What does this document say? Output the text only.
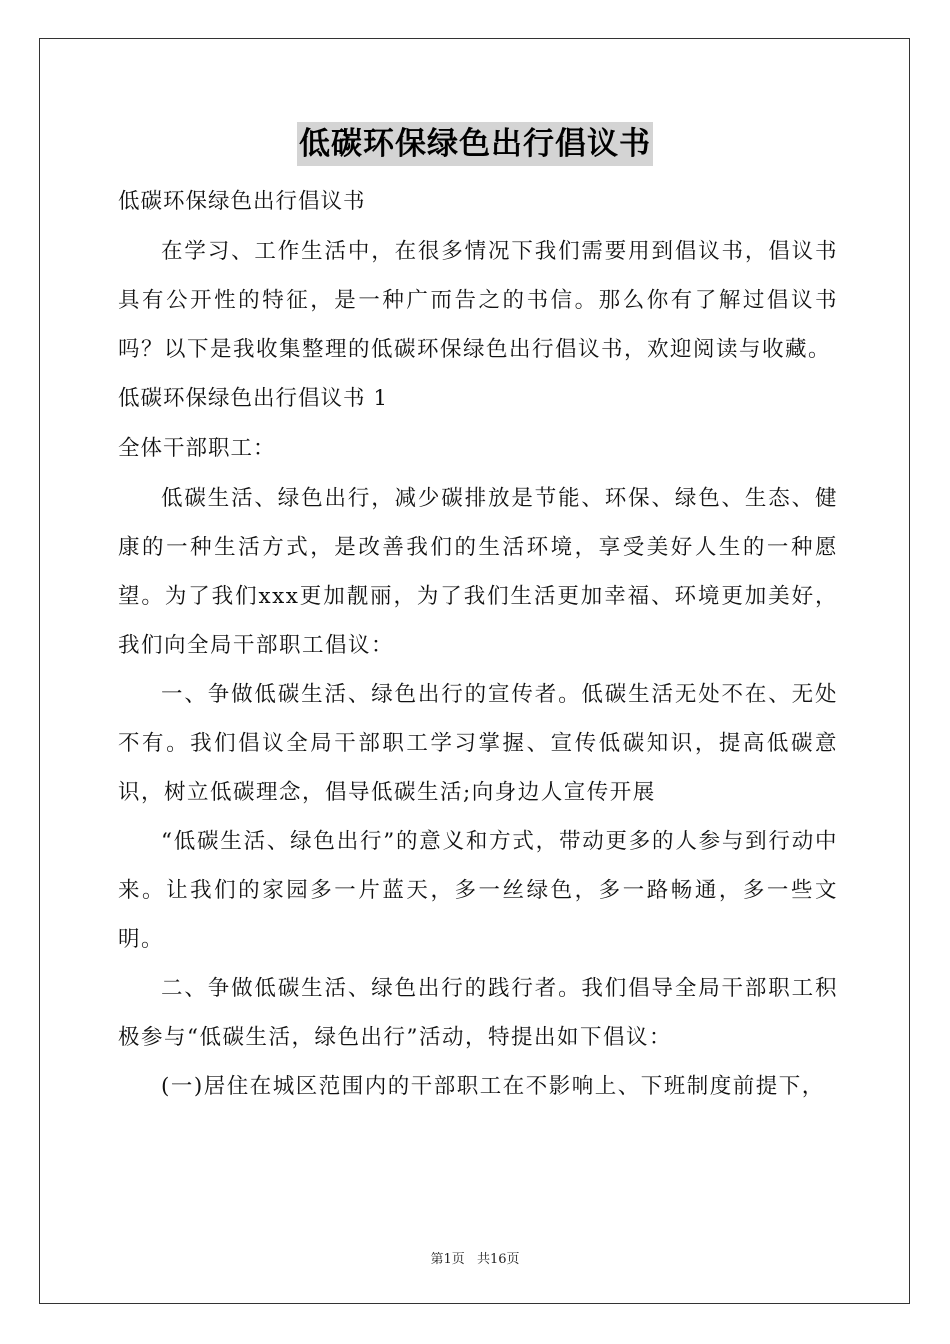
低碳环保绿色出行倡议书

低碳环保绿色出行倡议书

在学习、工作生活中，在很多情况下我们需要用到倡议书，倡议书具有公开性的特征，是一种广而告之的书信。那么你有了解过倡议书吗？以下是我收集整理的低碳环保绿色出行倡议书，欢迎阅读与收藏。

低碳环保绿色出行倡议书 1

全体干部职工：

低碳生活、绿色出行，减少碳排放是节能、环保、绿色、生态、健康的一种生活方式，是改善我们的生活环境，享受美好人生的一种愿望。为了我们xxx更加靓丽，为了我们生活更加幸福、环境更加美好，我们向全局干部职工倡议：

一、争做低碳生活、绿色出行的宣传者。低碳生活无处不在、无处不有。我们倡议全局干部职工学习掌握、宣传低碳知识，提高低碳意识，树立低碳理念，倡导低碳生活;向身边人宣传开展

“低碳生活、绿色出行”的意义和方式，带动更多的人参与到行动中来。让我们的家园多一片蓝天，多一丝绿色，多一路畅通，多一些文明。

二、争做低碳生活、绿色出行的践行者。我们倡导全局干部职工积极参与“低碳生活，绿色出行”活动，特提出如下倡议：

(一)居住在城区范围内的干部职工在不影响上、下班制度前提下，

第1页 共16页
